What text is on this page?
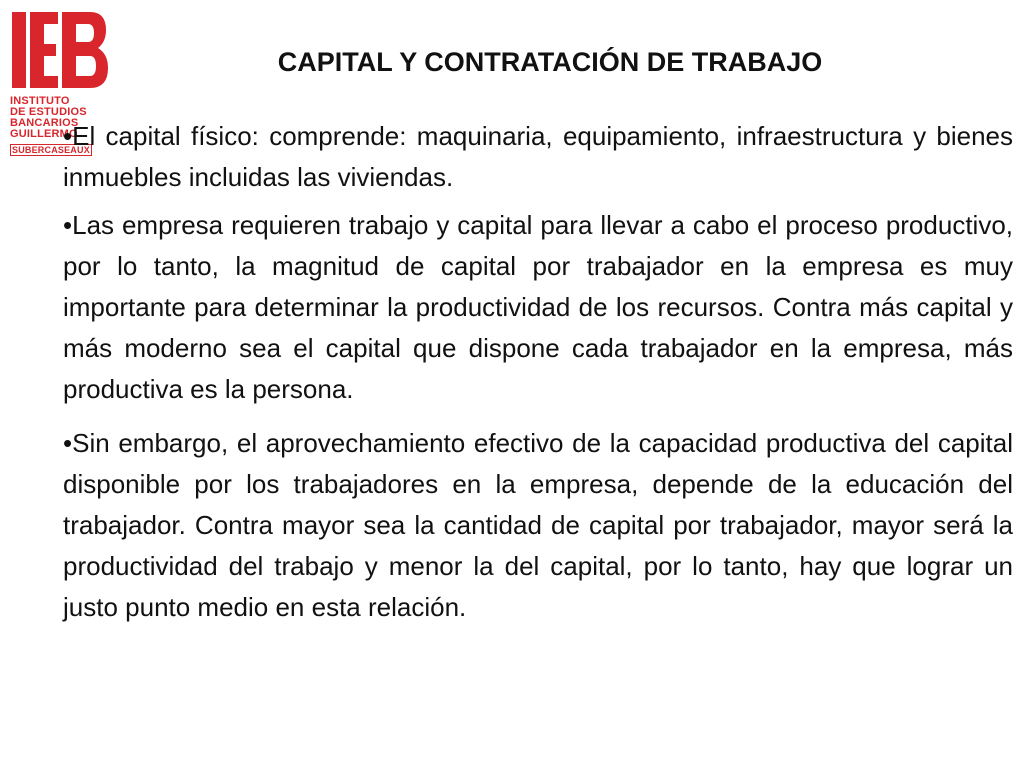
INSTITUTO
DE ESTUDIOS
BANCARIOS
GUILLERMO
SUBERCASEAUX
CAPITAL Y CONTRATACIÓN DE TRABAJO

•El capital físico: comprende: maquinaria, equipamiento, infraestructura y bienes inmuebles incluidas las viviendas.

•Las empresa requieren trabajo y capital para llevar a cabo el proceso productivo, por lo tanto, la magnitud de capital por trabajador en la empresa es muy importante para determinar la productividad de los recursos. Contra más capital y más moderno sea el capital que dispone cada trabajador en la empresa, más productiva es la persona.

•Sin embargo, el aprovechamiento efectivo de la capacidad productiva del capital disponible por los trabajadores en la empresa, depende de la educación del trabajador. Contra mayor sea la cantidad de capital por trabajador, mayor será la productividad del trabajo y menor la del capital, por lo tanto, hay que lograr un justo punto medio en esta relación.
